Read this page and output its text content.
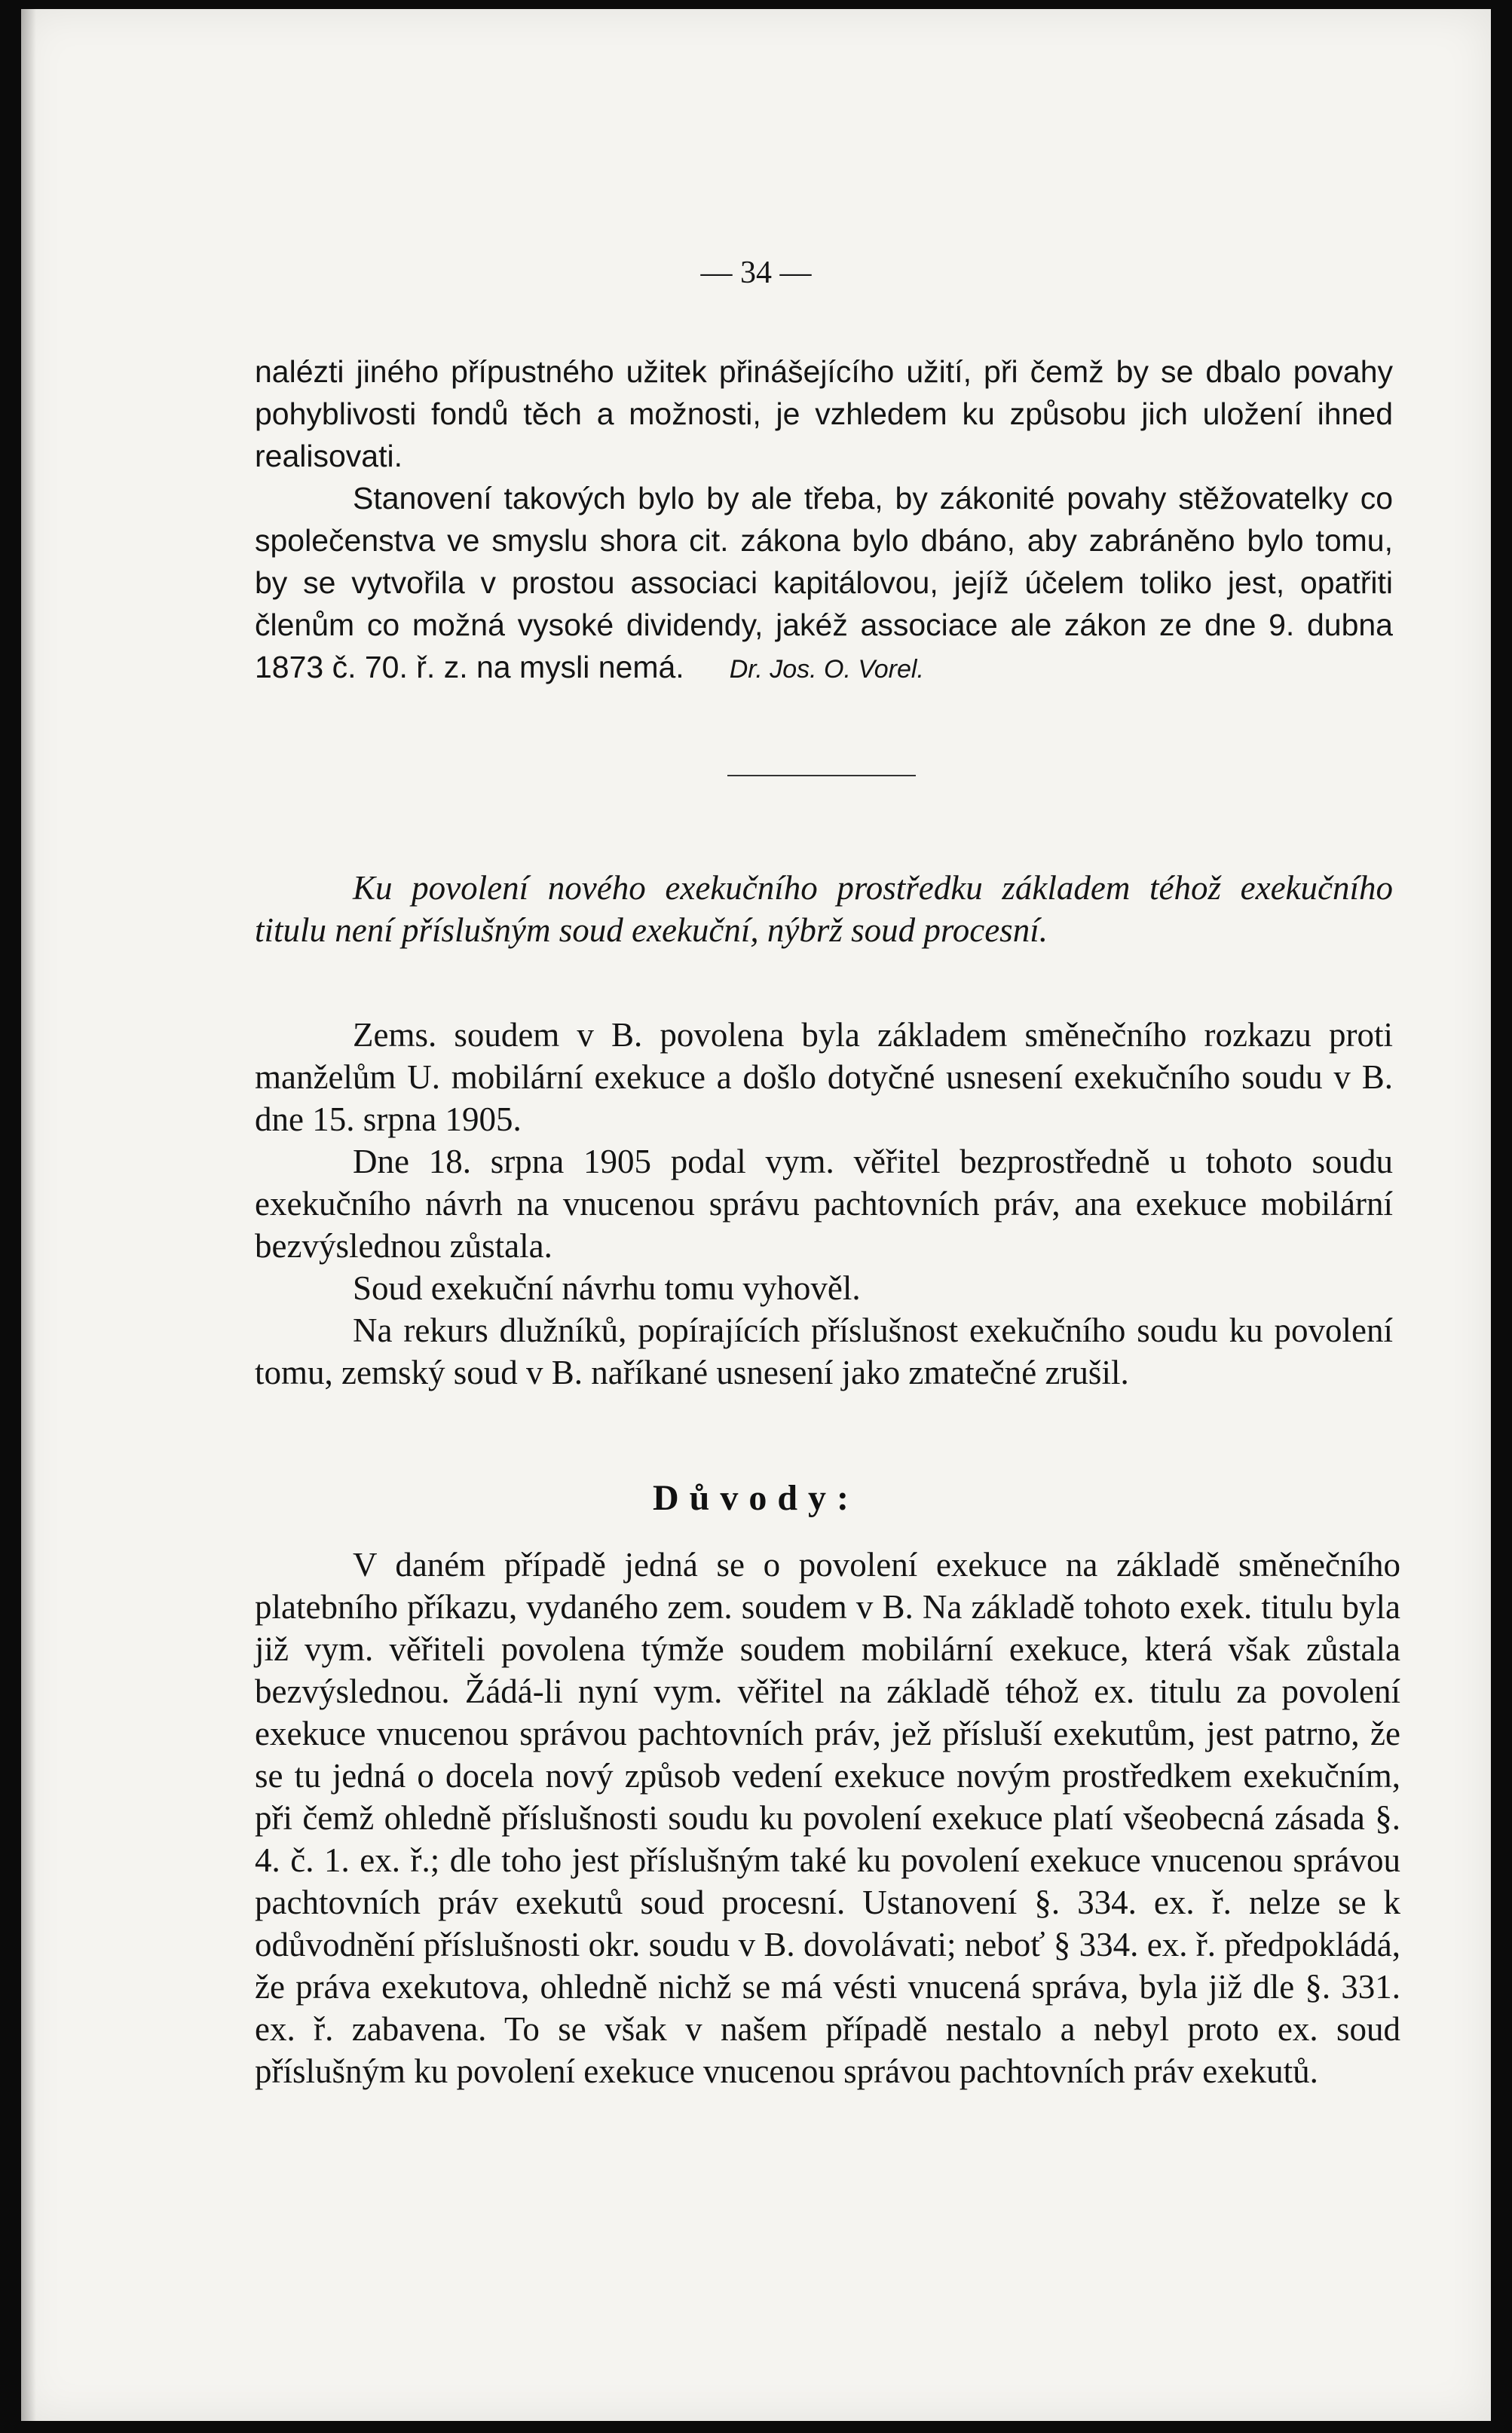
— 34 —

nalézti jiného přípustného užitek přinášejícího užití, při čemž by se dbalo povahy pohyblivosti fondů těch a možnosti, je vzhledem ku způsobu jich uložení ihned realisovati.

Stanovení takových bylo by ale třeba, by zákonité povahy stěžovatelky co společenstva ve smyslu shora cit. zákona bylo dbáno, aby zabráněno bylo tomu, by se vytvořila v prostou associaci kapitálovou, jejíž účelem toliko jest, opatřiti členům co možná vysoké dividendy, jakéž associace ale zákon ze dne 9. dubna 1873 č. 70. ř. z. na mysli nemá. Dr. Jos. O. Vorel.

Ku povolení nového exekučního prostředku základem téhož exekučního titulu není příslušným soud exekuční, nýbrž soud procesní.

Zems. soudem v B. povolena byla základem směnečního rozkazu proti manželům U. mobilární exekuce a došlo dotyčné usnesení exekučního soudu v B. dne 15. srpna 1905.

Dne 18. srpna 1905 podal vym. věřitel bezprostředně u tohoto soudu exekučního návrh na vnucenou správu pachtovních práv, ana exekuce mobilární bezvýslednou zůstala.

Soud exekuční návrhu tomu vyhověl.

Na rekurs dlužníků, popírajících příslušnost exekučního soudu ku povolení tomu, zemský soud v B. naříkané usnesení jako zmatečné zrušil.

Důvody:

V daném případě jedná se o povolení exekuce na základě směnečního platebního příkazu, vydaného zem. soudem v B. Na základě tohoto exek. titulu byla již vym. věřiteli povolena týmže soudem mobilární exekuce, která však zůstala bezvýslednou. Žádá-li nyní vym. věřitel na základě téhož ex. titulu za povolení exekuce vnucenou správou pachtovních práv, jež přísluší exekutům, jest patrno, že se tu jedná o docela nový způsob vedení exekuce novým prostředkem exekučním, při čemž ohledně příslušnosti soudu ku povolení exekuce platí všeobecná zásada §. 4. č. 1. ex. ř.; dle toho jest příslušným také ku povolení exekuce vnucenou správou pachtovních práv exekutů soud procesní. Ustanovení §. 334. ex. ř. nelze se k odůvodnění příslušnosti okr. soudu v B. dovolávati; neboť § 334. ex. ř. předpokládá, že práva exekutova, ohledně nichž se má vésti vnucená správa, byla již dle §. 331. ex. ř. zabavena. To se však v našem případě nestalo a nebyl proto ex. soud příslušným ku povolení exekuce vnucenou správou pachtovních práv exekutů.
